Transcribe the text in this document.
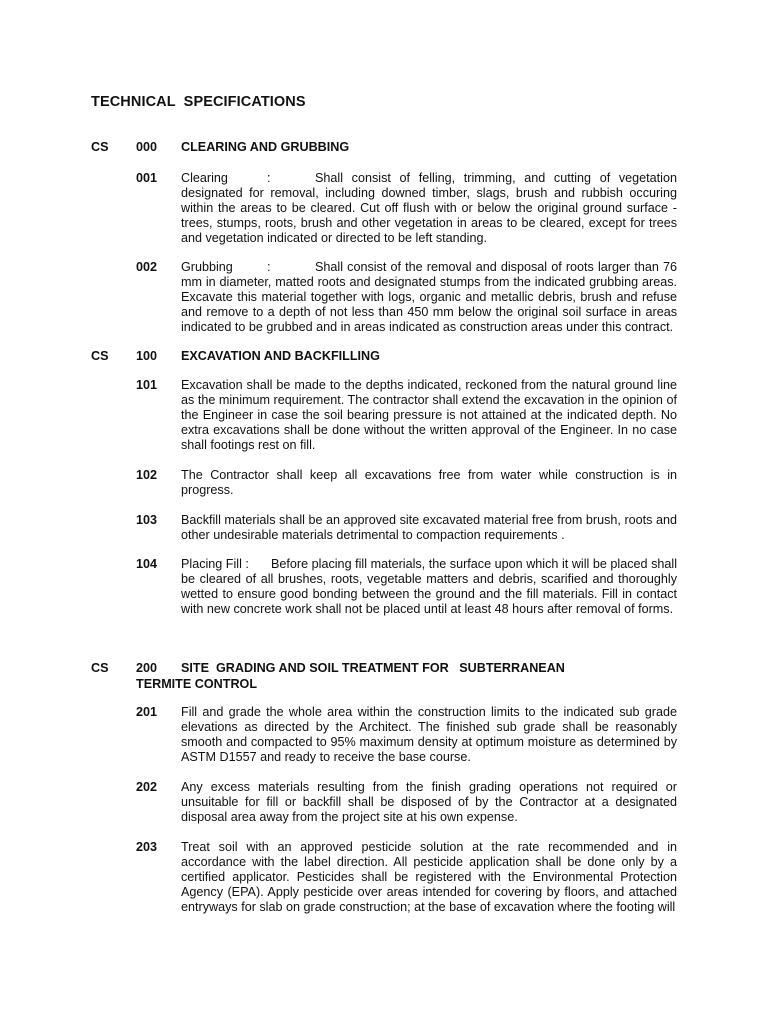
TECHNICAL  SPECIFICATIONS
CS 000 CLEARING AND GRUBBING
001 Clearing	:	Shall consist of felling, trimming, and cutting of vegetation designated for removal, including downed timber, slags, brush and rubbish occuring within the areas to be cleared. Cut off flush with or below the original ground surface - trees, stumps, roots, brush and other vegetation in areas to be cleared, except for trees and vegetation indicated or directed to be left standing.
002 Grubbing	:	Shall consist of the removal and disposal of roots larger than 76 mm in diameter, matted roots and designated stumps from the indicated grubbing areas. Excavate this material together with logs, organic and metallic debris, brush and refuse and remove to a depth of not less than 450 mm below the original soil surface in areas indicated to be grubbed and in areas indicated as construction areas under this contract.
CS 100 EXCAVATION AND BACKFILLING
101 Excavation shall be made to the depths indicated, reckoned from the natural ground line as the minimum requirement. The contractor shall extend the excavation in the opinion of the Engineer in case the soil bearing pressure is not attained at the indicated depth. No extra excavations shall be done without the written approval of the Engineer. In no case shall footings rest on fill.
102 The Contractor shall keep all excavations free from water while construction is in progress.
103 Backfill materials shall be an approved site excavated material free from brush, roots and other undesirable materials detrimental to compaction requirements .
104 Placing Fill : Before placing fill materials, the surface upon which it will be placed shall be cleared of all brushes, roots, vegetable matters and debris, scarified and thoroughly wetted to ensure good bonding between the ground and the fill materials. Fill in contact with new concrete work shall not be placed until at least 48 hours after removal of forms.
CS 200 SITE  GRADING AND SOIL TREATMENT FOR   SUBTERRANEAN
TERMITE CONTROL
201 Fill and grade the whole area within the construction limits to the indicated sub grade elevations as directed by the Architect. The finished sub grade shall be reasonably smooth and compacted to 95% maximum density at optimum moisture as determined by ASTM D1557 and ready to receive the base course.
202 Any excess materials resulting from the finish grading operations not required or unsuitable for fill or backfill shall be disposed of by the Contractor at a designated disposal area away from the project site at his own expense.
203 Treat soil with an approved pesticide solution at the rate recommended and in accordance with the label direction. All pesticide application shall be done only by a certified applicator. Pesticides shall be registered with the Environmental Protection Agency (EPA). Apply pesticide over areas intended for covering by floors, and attached entryways for slab on grade construction; at the base of excavation where the footing will
